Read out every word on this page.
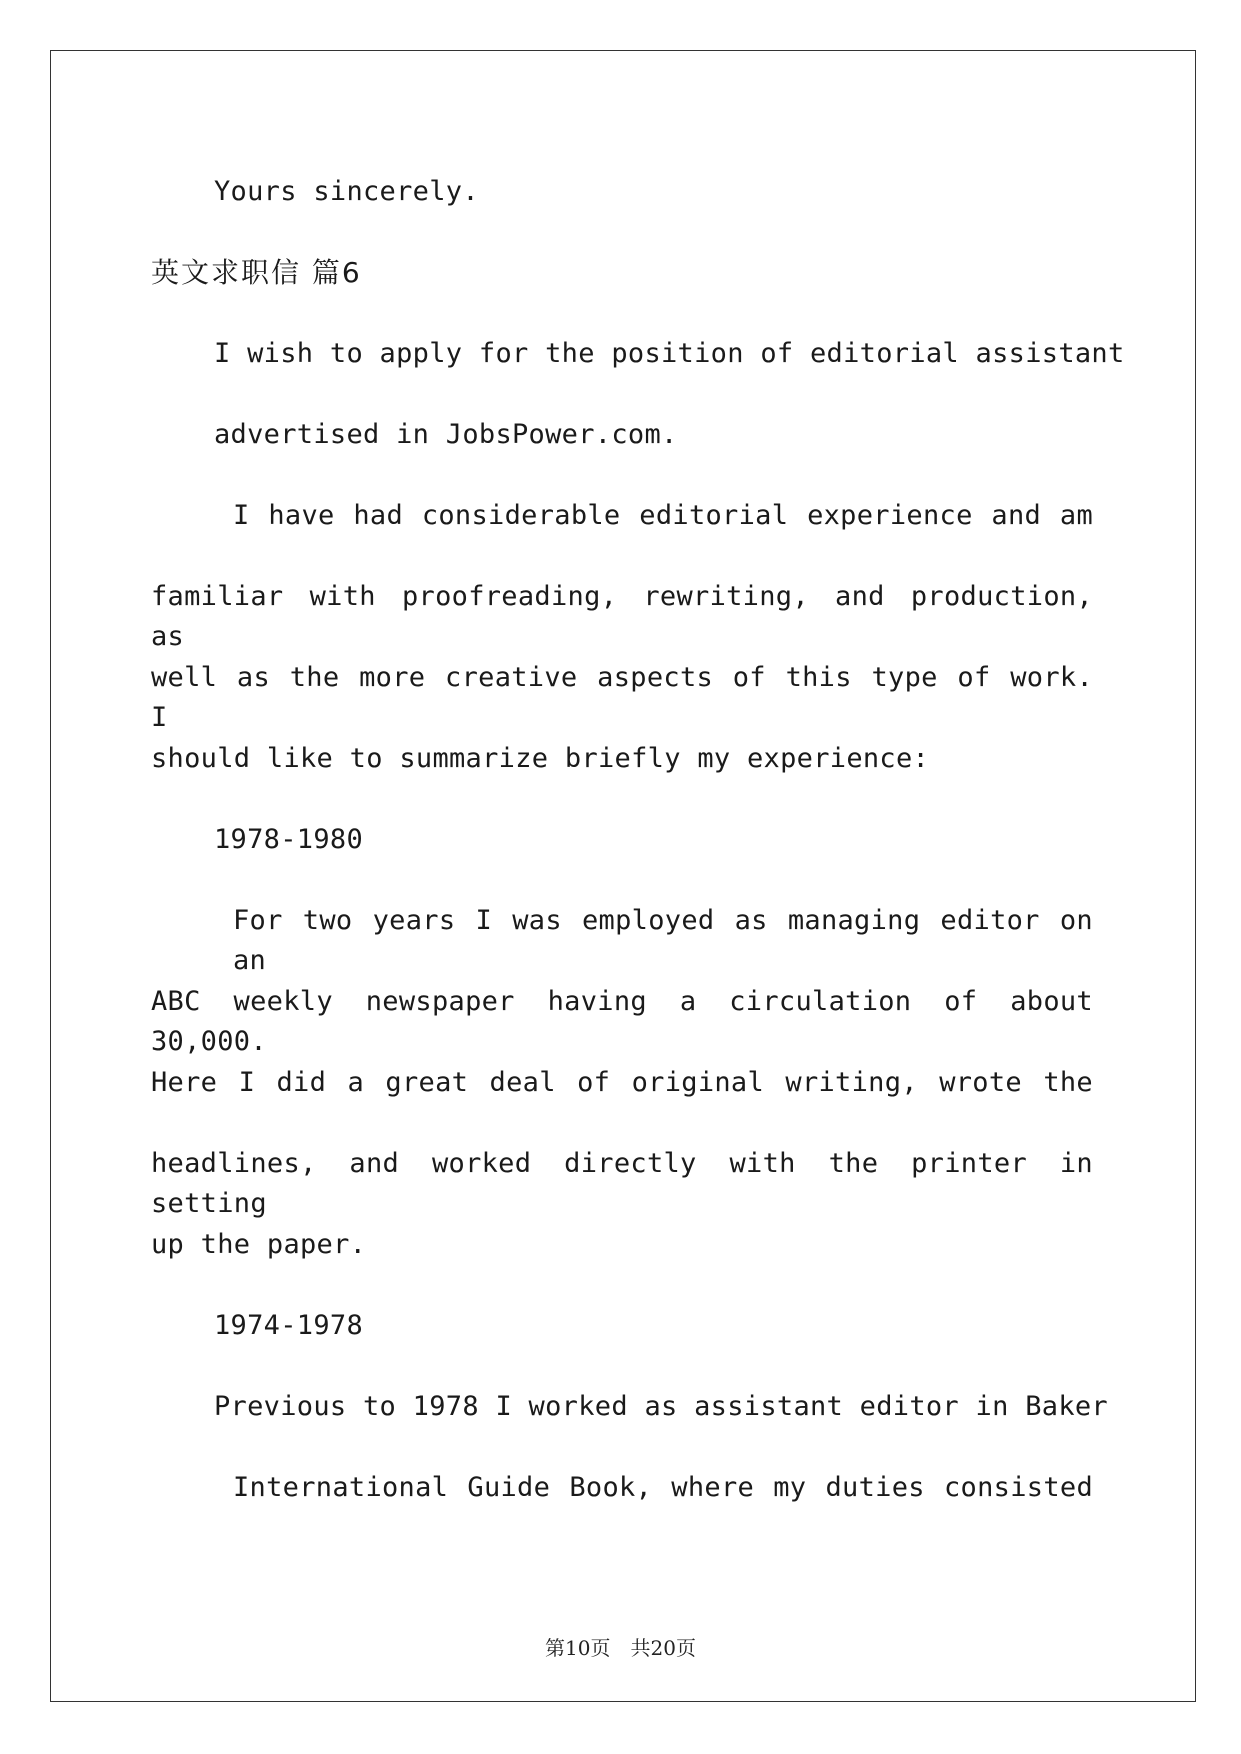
Yours sincerely.
英文求职信 篇6
I wish to apply for the position of editorial assistant
advertised in JobsPower.com.
I have had considerable editorial experience and am
familiar with proofreading, rewriting, and production, as
well as the more creative aspects of this type of work. I
should like to summarize briefly my experience:
1978-1980
For two years I was employed as managing editor on an
ABC weekly newspaper having a circulation of about 30,000.
Here I did a great deal of original writing, wrote the
headlines, and worked directly with the printer in setting
up the paper.
1974-1978
Previous to 1978 I worked as assistant editor in Baker
International Guide Book, where my duties consisted
第10页　共20页
